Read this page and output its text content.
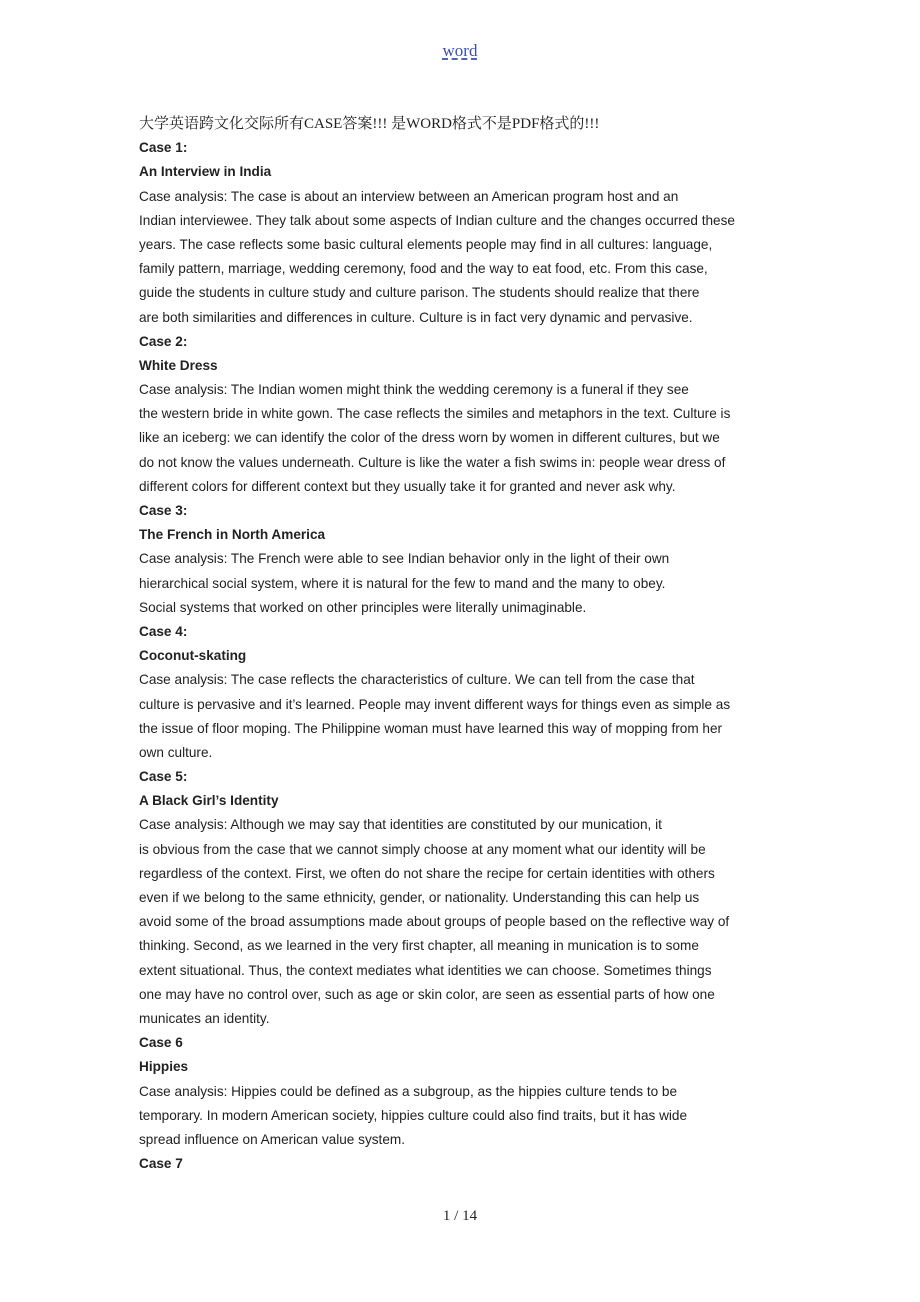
word
大学英语跨文化交际所有CASE答案!!! 是WORD格式不是PDF格式的!!!
Case 1:
An Interview in India
Case analysis: The case is about an interview between an American program host and an
Indian interviewee. They talk about some aspects of Indian culture and the changes occurred these
years. The case reflects some basic cultural elements people may find in all cultures: language,
family pattern, marriage, wedding ceremony, food and the way to eat food, etc. From this case,
guide the students in culture study and culture parison. The students should realize that there
are both similarities and differences in culture. Culture is in fact very dynamic and pervasive.
Case 2:
White Dress
Case analysis: The Indian women might think the wedding ceremony is a funeral if they see
the western bride in white gown. The case reflects the similes and metaphors in the text. Culture is
like an iceberg: we can identify the color of the dress worn by women in different cultures, but we
do not know the values underneath. Culture is like the water a fish swims in: people wear dress of
different colors for different context but they usually take it for granted and never ask why.
Case 3:
The French in North America
Case analysis: The French were able to see Indian behavior only in the light of their own
hierarchical social system, where it is natural for the few to mand and the many to obey.
Social systems that worked on other principles were literally unimaginable.
Case 4:
Coconut-skating
Case analysis: The case reflects the characteristics of culture. We can tell from the case that
culture is pervasive and it’s learned. People may invent different ways for things even as simple as
the issue of floor moping. The Philippine woman must have learned this way of mopping from her
own culture.
Case 5:
A Black Girl’s Identity
Case analysis: Although we may say that identities are constituted by our munication, it
is obvious from the case that we cannot simply choose at any moment what our identity will be
regardless of the context. First, we often do not share the recipe for certain identities with others
even if we belong to the same ethnicity, gender, or nationality. Understanding this can help us
avoid some of the broad assumptions made about groups of people based on the reflective way of
thinking. Second, as we learned in the very first chapter, all meaning in munication is to some
extent situational. Thus, the context mediates what identities we can choose. Sometimes things
one may have no control over, such as age or skin color, are seen as essential parts of how one
municates an identity.
Case 6
Hippies
Case analysis: Hippies could be defined as a subgroup, as the hippies culture tends to be
temporary. In modern American society, hippies culture could also find traits, but it has wide
spread influence on American value system.
Case 7
1 / 14
